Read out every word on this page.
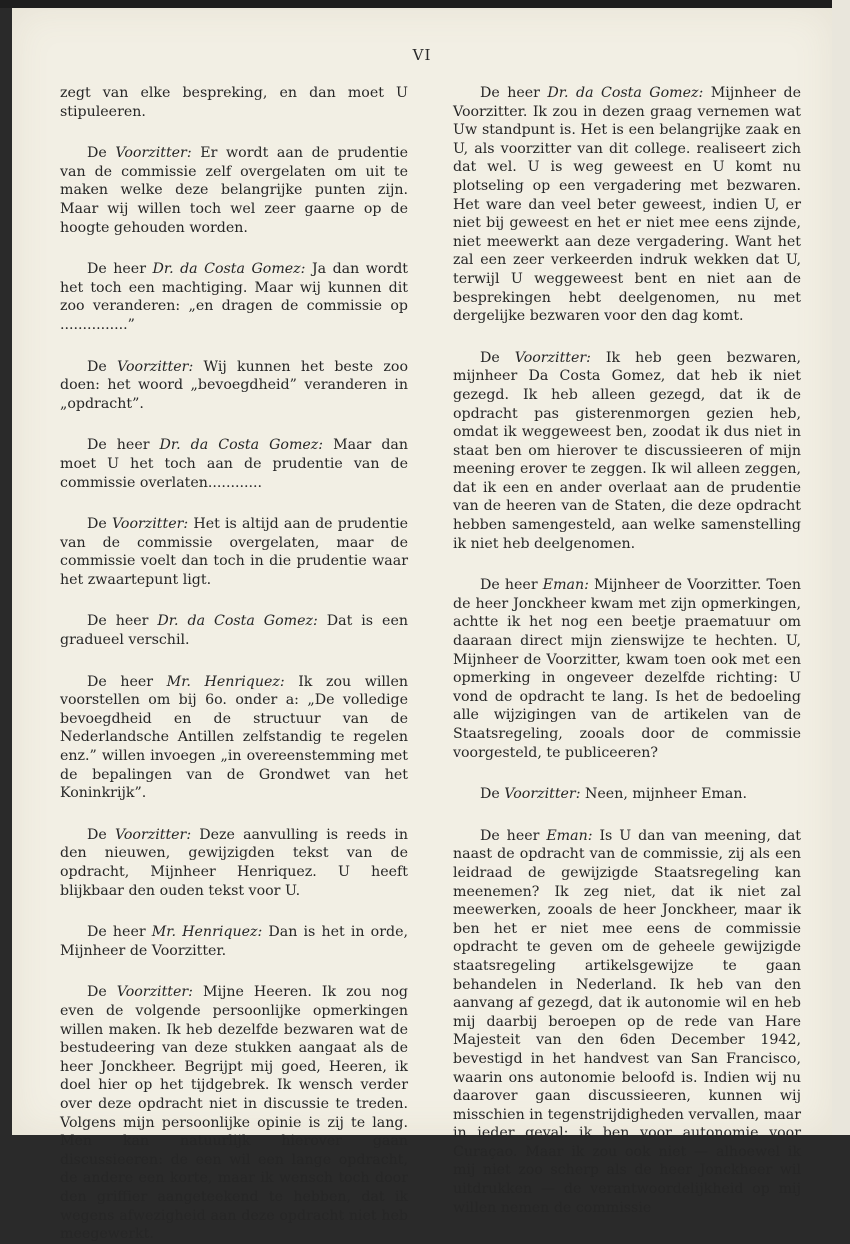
VI

zegt van elke bespreking, en dan moet U stipuleeren.

De Voorzitter: Er wordt aan de prudentie van de commissie zelf overgelaten om uit te maken welke deze belangrijke punten zijn. Maar wij willen toch wel zeer gaarne op de hoogte gehouden worden.

De heer Dr. da Costa Gomez: Ja dan wordt het toch een machtiging. Maar wij kunnen dit zoo veranderen: „en dragen de commissie op ...............”

De Voorzitter: Wij kunnen het beste zoo doen: het woord „bevoegdheid” veranderen in „opdracht”.

De heer Dr. da Costa Gomez: Maar dan moet U het toch aan de prudentie van de commissie overlaten............

De Voorzitter: Het is altijd aan de prudentie van de commissie overgelaten, maar de commissie voelt dan toch in die prudentie waar het zwaartepunt ligt.

De heer Dr. da Costa Gomez: Dat is een gradueel verschil.

De heer Mr. Henriquez: Ik zou willen voorstellen om bij 6o. onder a: „De volledige bevoegdheid en de structuur van de Nederlandsche Antillen zelfstandig te regelen enz.” willen invoegen „in overeenstemming met de bepalingen van de Grondwet van het Koninkrijk”.

De Voorzitter: Deze aanvulling is reeds in den nieuwen, gewijzigden tekst van de opdracht, Mijnheer Henriquez. U heeft blijkbaar den ouden tekst voor U.

De heer Mr. Henriquez: Dan is het in orde, Mijnheer de Voorzitter.

De Voorzitter: Mijne Heeren. Ik zou nog even de volgende persoonlijke opmerkingen willen maken. Ik heb dezelfde bezwaren wat de bestudeering van deze stukken aangaat als de heer Jonckheer. Begrijpt mij goed, Heeren, ik doel hier op het tijdgebrek. Ik wensch verder over deze opdracht niet in discussie te treden. Volgens mijn persoonlijke opinie is zij te lang. Men kan natuurlijk hierover gaan discussieeren: de een wil een lange opdracht, de andere een korte, maar ik wensch toch door den griffier aangeteekend te hebben, dat ik wegens afwezigheid aan deze opdracht niet heb meegewerkt.

De heer Dr. da Costa Gomez: Mijnheer de Voorzitter. Ik zou in dezen graag vernemen wat Uw standpunt is. Het is een belangrijke zaak en U, als voorzitter van dit college. realiseert zich dat wel. U is weg geweest en U komt nu plotseling op een vergadering met bezwaren. Het ware dan veel beter geweest, indien U, er niet bij geweest en het er niet mee eens zijnde, niet meewerkt aan deze vergadering. Want het zal een zeer verkeerden indruk wekken dat U, terwijl U weggeweest bent en niet aan de besprekingen hebt deelgenomen, nu met dergelijke bezwaren voor den dag komt.

De Voorzitter: Ik heb geen bezwaren, mijnheer Da Costa Gomez, dat heb ik niet gezegd. Ik heb alleen gezegd, dat ik de opdracht pas gisterenmorgen gezien heb, omdat ik weggeweest ben, zoodat ik dus niet in staat ben om hierover te discussieeren of mijn meening erover te zeggen. Ik wil alleen zeggen, dat ik een en ander overlaat aan de prudentie van de heeren van de Staten, die deze opdracht hebben samengesteld, aan welke samenstelling ik niet heb deelgenomen.

De heer Eman: Mijnheer de Voorzitter. Toen de heer Jonckheer kwam met zijn opmerkingen, achtte ik het nog een beetje praematuur om daaraan direct mijn zienswijze te hechten. U, Mijnheer de Voorzitter, kwam toen ook met een opmerking in ongeveer dezelfde richting: U vond de opdracht te lang. Is het de bedoeling alle wijzigingen van de artikelen van de Staatsregeling, zooals door de commissie voorgesteld, te publiceeren?

De Voorzitter: Neen, mijnheer Eman.

De heer Eman: Is U dan van meening, dat naast de opdracht van de commissie, zij als een leidraad de gewijzigde Staatsregeling kan meenemen? Ik zeg niet, dat ik niet zal meewerken, zooals de heer Jonckheer, maar ik ben het er niet mee eens de commissie opdracht te geven om de geheele gewijzigde staatsregeling artikelsgewijze te gaan behandelen in Nederland. Ik heb van den aanvang af gezegd, dat ik autonomie wil en heb mij daarbij beroepen op de rede van Hare Majesteit van den 6den December 1942, bevestigd in het handvest van San Francisco, waarin ons autonomie beloofd is. Indien wij nu daarover gaan discussieeren, kunnen wij misschien in tegenstrijdigheden vervallen, maar in ieder geval: ik ben voor autonomie voor Curaçao. Maar ik zou ook niet — alhoewel ik mij niet zoo scherp als de heer Jonckheer wil uitdrukken — de verantwoordelijkheid op mij willen nemen de commissie
